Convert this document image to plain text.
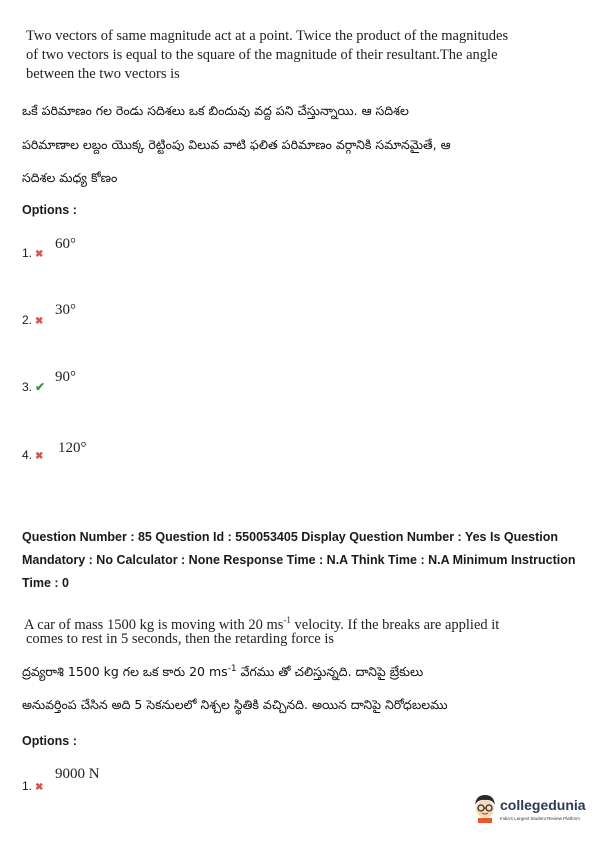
Two vectors of same magnitude act at a point. Twice the product of the magnitudes
of two vectors is equal to the square of the magnitude of their resultant.The angle
between the two vectors is
ఒకే పరిమాణం గల రెండు సదిశలు ఒక బిందువు వద్ద పని చేస్తున్నాయి. ఆ సదిశల
పరిమాణాల లబ్దం యొక్క రెట్టింపు విలువ వాటి ఫలిత పరిమాణం వర్గానికి సమానమైతే, ఆ
సదిశల మధ్య కోణం
Options :
1. ✖
60°
2. ✖
30°
3. ✔
90°
4. ✖
120°
Question Number : 85 Question Id : 550053405 Display Question Number : Yes Is Question
Mandatory : No Calculator : None Response Time : N.A Think Time : N.A Minimum Instruction
Time : 0
A car of mass 1500 kg is moving with 20 $ms^{-1}$ velocity. If the breaks are applied it
comes to rest in 5 seconds, then the retarding force is
ద్రవ్యరాశి 1500 kg గల ఒక కారు 20 $ms^{-1}$ వేగము తో చలిస్తున్నది. దానిపై బ్రేకులు
అనువర్తింప చేసిన అది 5 సెకనులలో నిశ్చల స్థితికి వచ్చినది. అయిన దానిపై నిరోధబలము
Options :
1. ✖
9000 N
collegedunia
India's Largest Student Review Platform
